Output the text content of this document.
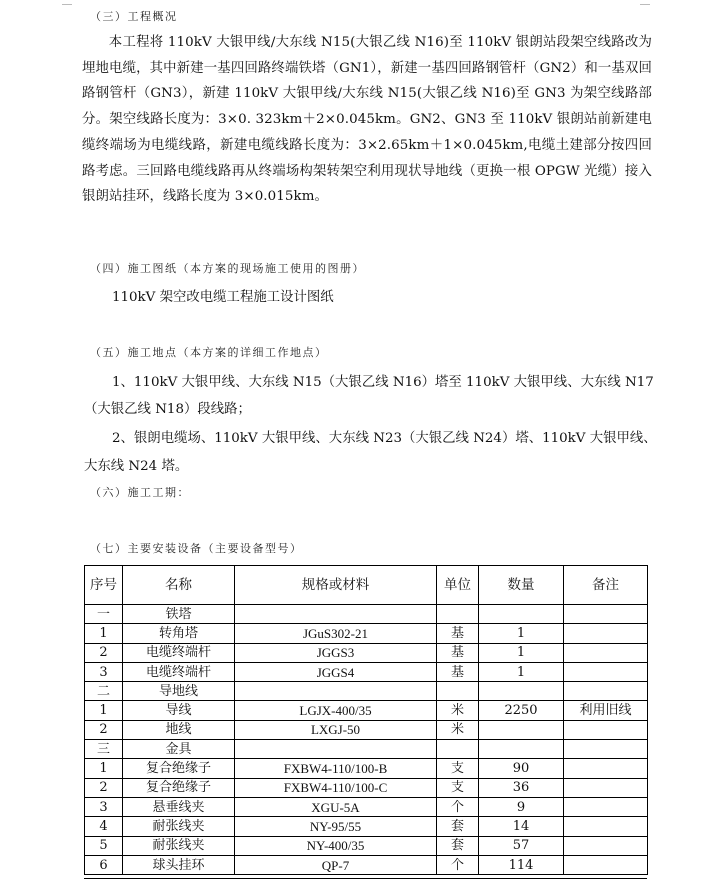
（三）工程概况

本工程将 110kV 大银甲线/大东线 N15(大银乙线 N16)至 110kV 银朗站段架空线路改为埋地电缆，其中新建一基四回路终端铁塔（GN1），新建一基四回路钢管杆（GN2）和一基双回路钢管杆（GN3），新建 110kV 大银甲线/大东线 N15(大银乙线 N16)至 GN3 为架空线路部分。架空线路长度为：3×0. 323km＋2×0.045km。GN2、GN3 至 110kV 银朗站前新建电缆终端场为电缆线路，新建电缆线路长度为：3×2.65km＋1×0.045km,电缆土建部分按四回路考虑。三回路电缆线路再从终端场构架转架空利用现状导地线（更换一根 OPGW 光缆）接入银朗站挂环，线路长度为 3×0.015km。

（四）施工图纸（本方案的现场施工使用的图册）
110kV 架空改电缆工程施工设计图纸
（五）施工地点（本方案的详细工作地点）
1、110kV 大银甲线、大东线 N15（大银乙线 N16）塔至 110kV 大银甲线、大东线 N17
（大银乙线 N18）段线路；
2、银朗电缆场、110kV 大银甲线、大东线 N23（大银乙线 N24）塔、110kV 大银甲线、
大东线 N24 塔。
（六）施工工期：
（七）主要安装设备（主要设备型号）
序号	名称	规格或材料	单位	数量	备注
一	铁塔				
1	转角塔	JGuS302-21	基	1	
2	电缆终端杆	JGGS3	基	1	
3	电缆终端杆	JGGS4	基	1	
二	导地线				
1	导线	LGJX-400/35	米	2250	利用旧线
2	地线	LXGJ-50	米		
三	金具				
1	复合绝缘子	FXBW4-110/100-B	支	90	
2	复合绝缘子	FXBW4-110/100-C	支	36	
3	悬垂线夹	XGU-5A	个	9	
4	耐张线夹	NY-95/55	套	14	
5	耐张线夹	NY-400/35	套	57	
6	球头挂环	QP-7	个	114	
